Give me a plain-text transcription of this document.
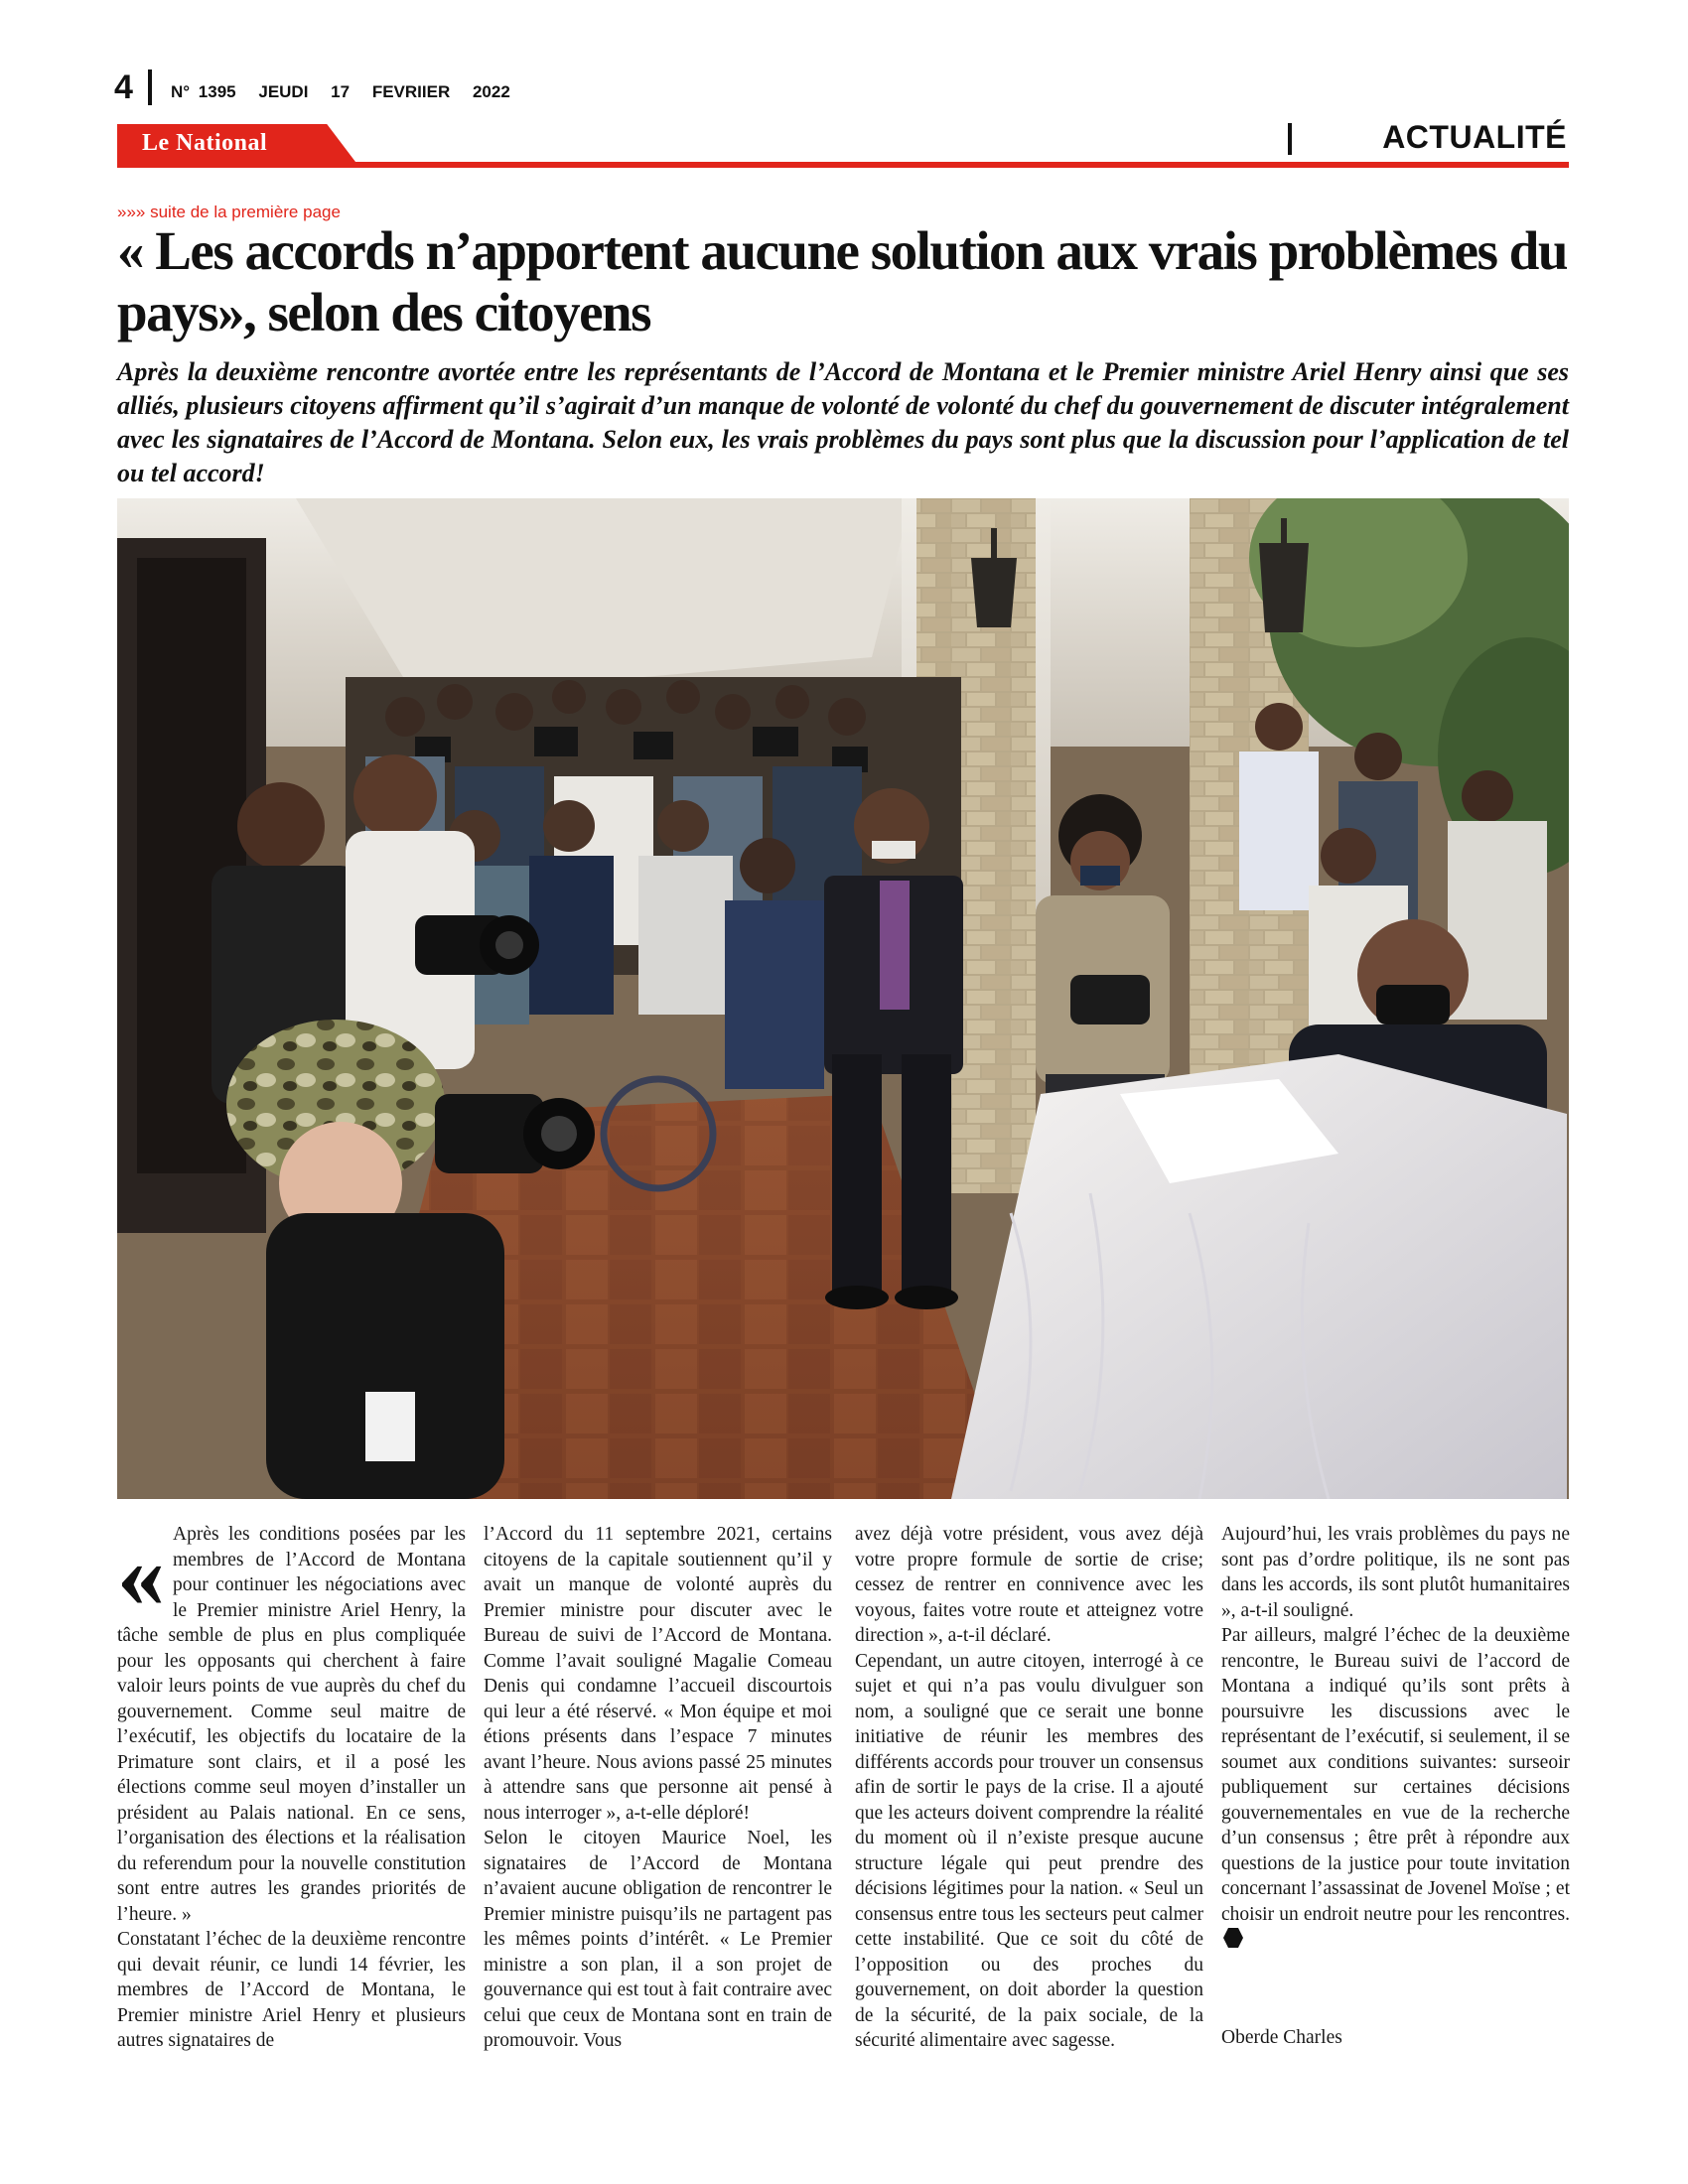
4 N° 1395 JEUDI 17 FEVRIIER 2022
Le National	ACTUALITÉ
»»» suite de la première page
« Les accords n’apportent aucune solution aux vrais problèmes du pays», selon des citoyens

Après la deuxième rencontre avortée entre les représentants de l’Accord de Montana et le Premier ministre Ariel Henry ainsi que ses alliés, plusieurs citoyens affirment qu’il s’agirait d’un manque de volonté de volonté du chef du gouvernement de discuter intégralement avec les signataires de l’Accord de Montana. Selon eux, les vrais problèmes du pays sont plus que la discussion pour l’application de tel ou tel accord!

« Après les conditions posées par les membres de l’Accord de Montana pour continuer les négociations avec le Premier ministre Ariel Henry, la tâche semble de plus en plus compliquée pour les opposants qui cherchent à faire valoir leurs points de vue auprès du chef du gouvernement. Comme seul maitre de l’exécutif, les objectifs du locataire de la Primature sont clairs, et il a posé les élections comme seul moyen d’installer un président au Palais national. En ce sens, l’organisation des élections et la réalisation du referendum pour la nouvelle constitution sont entre autres les grandes priorités de l’heure. »

Constatant l’échec de la deuxième rencontre qui devait réunir, ce lundi 14 février, les membres de l’Accord de Montana, le Premier ministre Ariel Henry et plusieurs autres signataires de

l’Accord du 11 septembre 2021, certains citoyens de la capitale soutiennent qu’il y avait un manque de volonté auprès du Premier ministre pour discuter avec le Bureau de suivi de l’Accord de Montana. Comme l’avait souligné Magalie Comeau Denis qui condamne l’accueil discourtois qui leur a été réservé. « Mon équipe et moi étions présents dans l’espace 7 minutes avant l’heure. Nous avions passé 25 minutes à attendre sans que personne ait pensé à nous interroger », a-t-elle déploré!

Selon le citoyen Maurice Noel, les signataires de l’Accord de Montana n’avaient aucune obligation de rencontrer le Premier ministre puisqu’ils ne partagent pas les mêmes points d’intérêt. « Le Premier ministre a son plan, il a son projet de gouvernance qui est tout à fait contraire avec celui que ceux de Montana sont en train de promouvoir. Vous

avez déjà votre président, vous avez déjà votre propre formule de sortie de crise; cessez de rentrer en connivence avec les voyous, faites votre route et atteignez votre direction », a-t-il déclaré.

Cependant, un autre citoyen, interrogé à ce sujet et qui n’a pas voulu divulguer son nom, a souligné que ce serait une bonne initiative de réunir les membres des différents accords pour trouver un consensus afin de sortir le pays de la crise. Il a ajouté que les acteurs doivent comprendre la réalité du moment où il n’existe presque aucune structure légale qui peut prendre des décisions légitimes pour la nation. « Seul un consensus entre tous les secteurs peut calmer cette instabilité. Que ce soit du côté de l’opposition ou des proches du gouvernement, on doit aborder la question de la sécurité, de la paix sociale, de la sécurité alimentaire avec sagesse.

Aujourd’hui, les vrais problèmes du pays ne sont pas d’ordre politique, ils ne sont pas dans les accords, ils sont plutôt humanitaires », a-t-il souligné.

Par ailleurs, malgré l’échec de la deuxième rencontre, le Bureau suivi de l’accord de Montana a indiqué qu’ils sont prêts à poursuivre les discussions avec le représentant de l’exécutif, si seulement, il se soumet aux conditions suivantes: surseoir publiquement sur certaines décisions gouvernementales en vue de la recherche d’un consensus ; être prêt à répondre aux questions de la justice pour toute invitation concernant l’assassinat de Jovenel Moïse ; et choisir un endroit neutre pour les rencontres.

Oberde Charles
